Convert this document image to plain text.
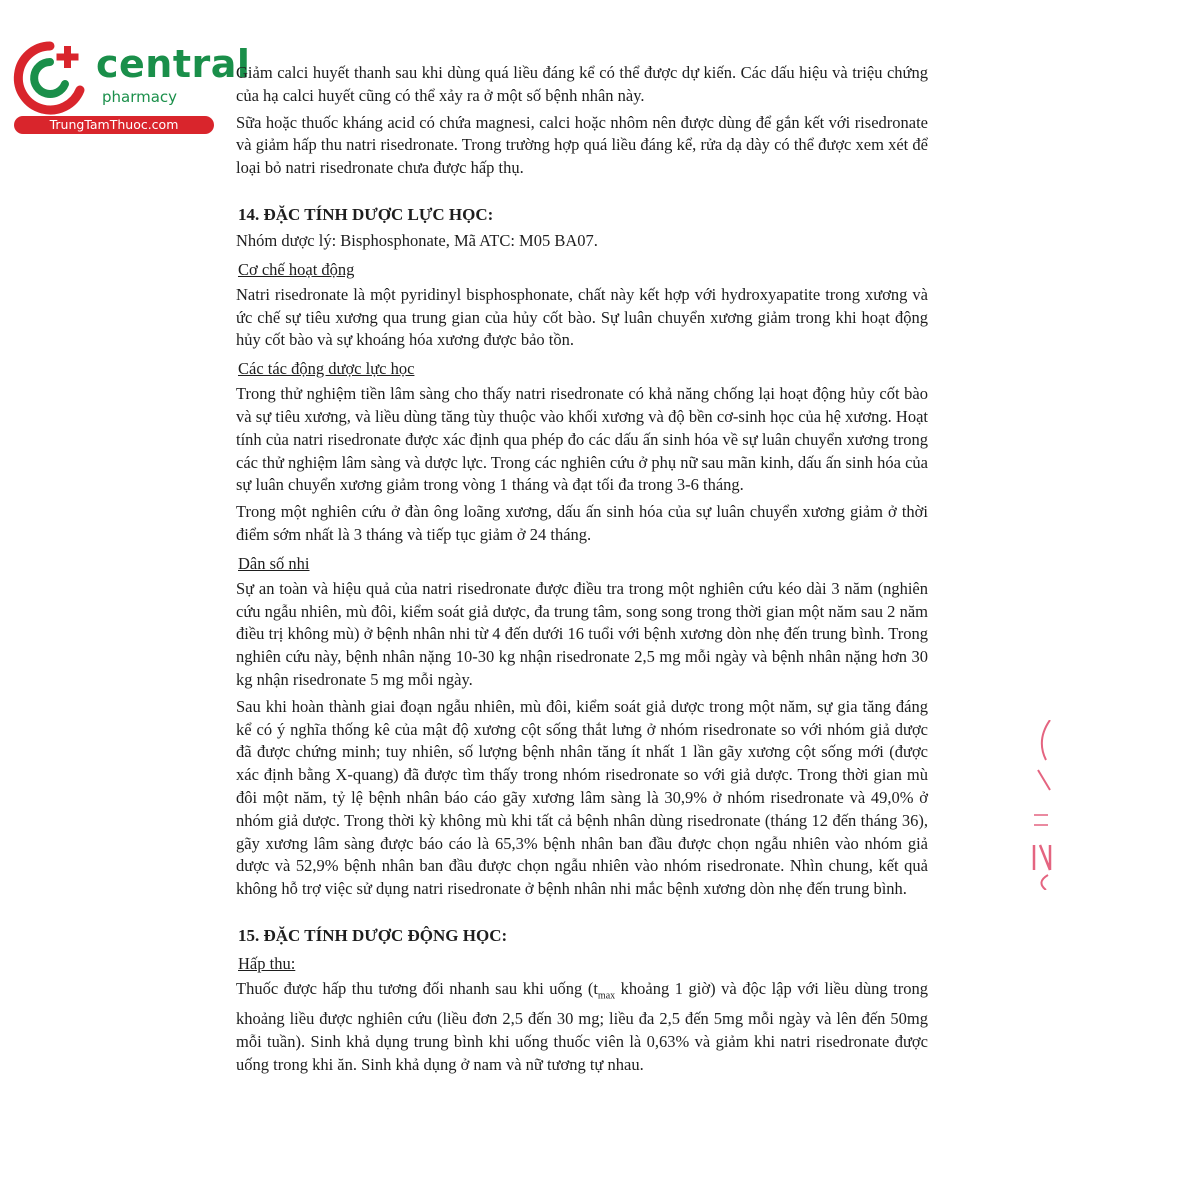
central
pharmacy
TrungTamThuoc.com

Giảm calci huyết thanh sau khi dùng quá liều đáng kể có thể được dự kiến. Các dấu hiệu và triệu chứng của hạ calci huyết cũng có thể xảy ra ở một số bệnh nhân này.

Sữa hoặc thuốc kháng acid có chứa magnesi, calci hoặc nhôm nên được dùng để gắn kết với risedronate và giảm hấp thu natri risedronate. Trong trường hợp quá liều đáng kể, rửa dạ dày có thể được xem xét để loại bỏ natri risedronate chưa được hấp thụ.

14. ĐẶC TÍNH DƯỢC LỰC HỌC:

Nhóm dược lý: Bisphosphonate, Mã ATC: M05 BA07.

Cơ chế hoạt động

Natri risedronate là một pyridinyl bisphosphonate, chất này kết hợp với hydroxyapatite trong xương và ức chế sự tiêu xương qua trung gian của hủy cốt bào. Sự luân chuyển xương giảm trong khi hoạt động hủy cốt bào và sự khoáng hóa xương được bảo tồn.

Các tác động dược lực học

Trong thử nghiệm tiền lâm sàng cho thấy natri risedronate có khả năng chống lại hoạt động hủy cốt bào và sự tiêu xương, và liều dùng tăng tùy thuộc vào khối xương và độ bền cơ-sinh học của hệ xương. Hoạt tính của natri risedronate được xác định qua phép đo các dấu ấn sinh hóa về sự luân chuyển xương trong các thử nghiệm lâm sàng và dược lực. Trong các nghiên cứu ở phụ nữ sau mãn kinh, dấu ấn sinh hóa của sự luân chuyển xương giảm trong vòng 1 tháng và đạt tối đa trong 3-6 tháng.

Trong một nghiên cứu ở đàn ông loãng xương, dấu ấn sinh hóa của sự luân chuyển xương giảm ở thời điểm sớm nhất là 3 tháng và tiếp tục giảm ở 24 tháng.

Dân số nhi

Sự an toàn và hiệu quả của natri risedronate được điều tra trong một nghiên cứu kéo dài 3 năm (nghiên cứu ngẫu nhiên, mù đôi, kiểm soát giả dược, đa trung tâm, song song trong thời gian một năm sau 2 năm điều trị không mù) ở bệnh nhân nhi từ 4 đến dưới 16 tuổi với bệnh xương dòn nhẹ đến trung bình. Trong nghiên cứu này, bệnh nhân nặng 10-30 kg nhận risedronate 2,5 mg mỗi ngày và bệnh nhân nặng hơn 30 kg nhận risedronate 5 mg mỗi ngày.

Sau khi hoàn thành giai đoạn ngẫu nhiên, mù đôi, kiểm soát giả dược trong một năm, sự gia tăng đáng kể có ý nghĩa thống kê của mật độ xương cột sống thắt lưng ở nhóm risedronate so với nhóm giả dược đã được chứng minh; tuy nhiên, số lượng bệnh nhân tăng ít nhất 1 lần gãy xương cột sống mới (được xác định bằng X-quang) đã được tìm thấy trong nhóm risedronate so với giả dược. Trong thời gian mù đôi một năm, tỷ lệ bệnh nhân báo cáo gãy xương lâm sàng là 30,9% ở nhóm risedronate và 49,0% ở nhóm giả dược. Trong thời kỳ không mù khi tất cả bệnh nhân dùng risedronate (tháng 12 đến tháng 36), gãy xương lâm sàng được báo cáo là 65,3% bệnh nhân ban đầu được chọn ngẫu nhiên vào nhóm giả dược và 52,9% bệnh nhân ban đầu được chọn ngẫu nhiên vào nhóm risedronate. Nhìn chung, kết quả không hỗ trợ việc sử dụng natri risedronate ở bệnh nhân nhi mắc bệnh xương dòn nhẹ đến trung bình.

15. ĐẶC TÍNH DƯỢC ĐỘNG HỌC:
Hấp thu:

Thuốc được hấp thu tương đối nhanh sau khi uống ($t_{max}$ khoảng 1 giờ) và độc lập với liều dùng trong khoảng liều được nghiên cứu (liều đơn 2,5 đến 30 mg; liều đa 2,5 đến 5mg mỗi ngày và lên đến 50mg mỗi tuần). Sinh khả dụng trung bình khi uống thuốc viên là 0,63% và giảm khi natri risedronate được uống trong khi ăn. Sinh khả dụng ở nam và nữ tương tự nhau.
